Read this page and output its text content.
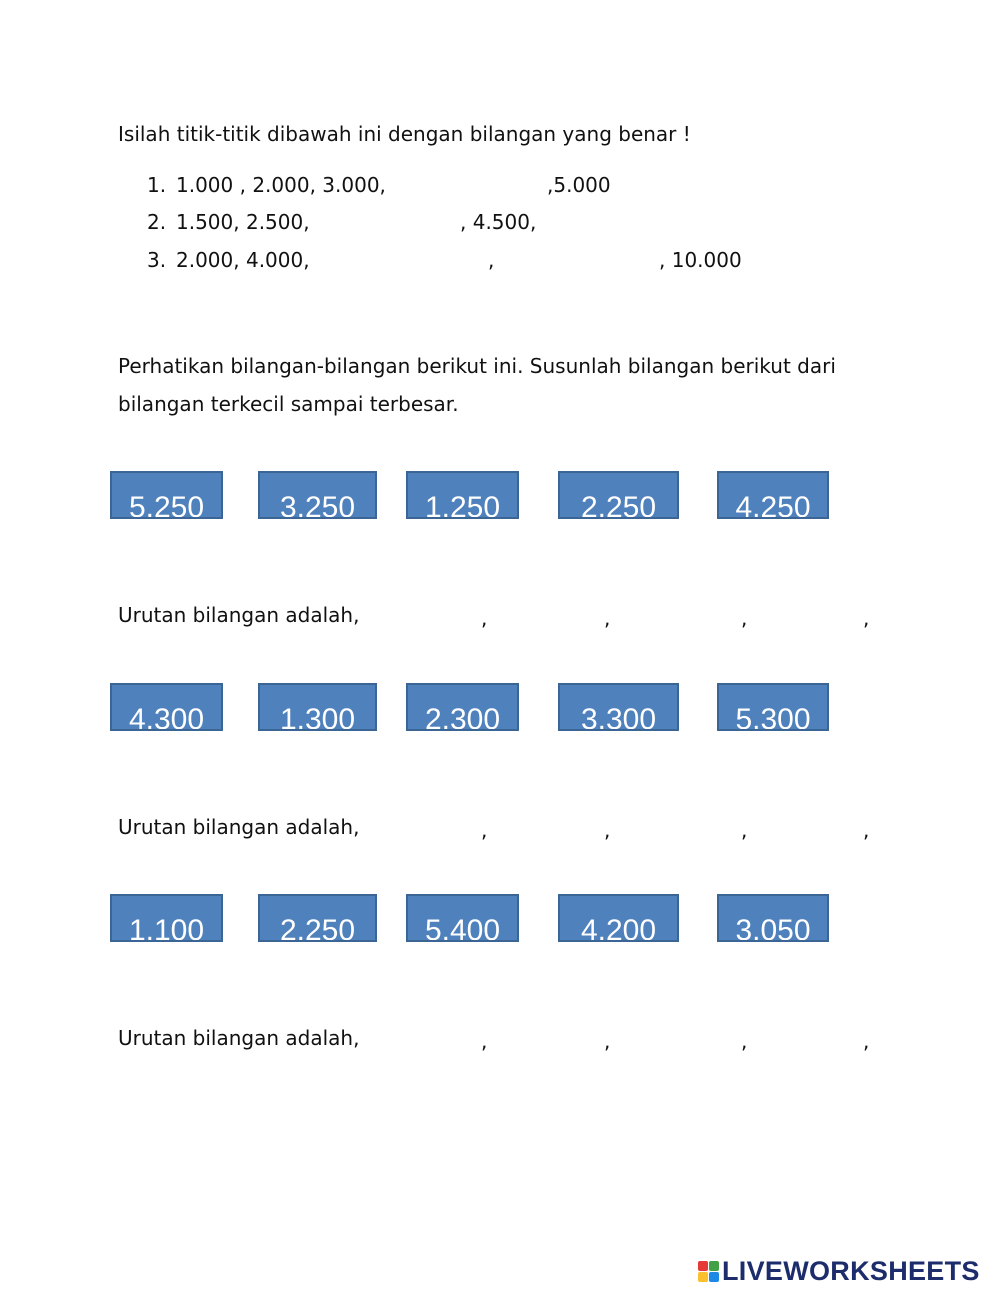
Isilah titik-titik dibawah ini dengan bilangan yang benar !
1. 1.000 , 2.000, 3.000,	,5.000
2. 1.500, 2.500,	, 4.500,
3. 2.000, 4.000,	,	, 10.000
Perhatikan bilangan-bilangan berikut ini. Susunlah bilangan berikut dari
bilangan terkecil sampai terbesar.
5.250	3.250 1.250	2.250	4.250
Urutan bilangan adalah,	,	,	,	,
4.300	1.300 2.300	3.300	5.300
Urutan bilangan adalah,	,	,	,	,
1.100	2.250 5.400	4.200	3.050
Urutan bilangan adalah,	,	,	,	,
LIVEWORKSHEETS
